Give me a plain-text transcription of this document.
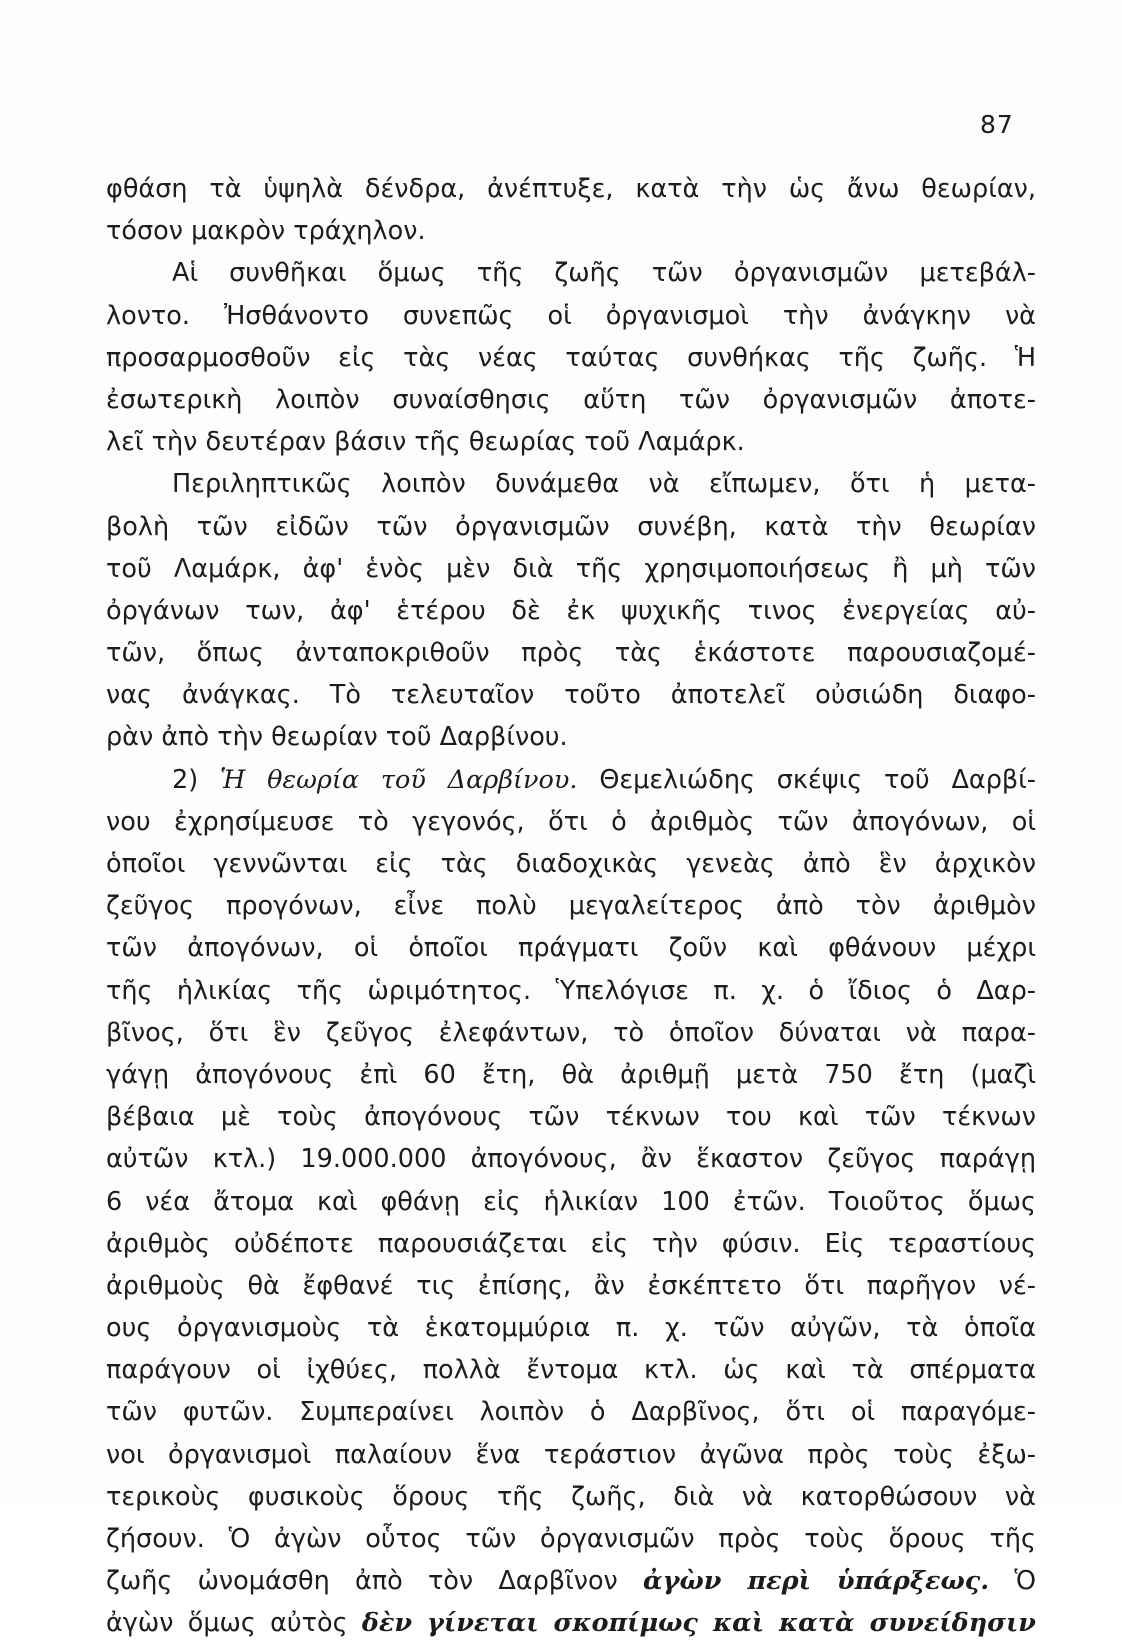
87
φθάση τὰ ὑψηλὰ δένδρα, ἀνέπτυξε, κατὰ τὴν ὡς ἄνω θεωρίαν,
τόσον μακρὸν τράχηλον.
Αἱ συνθῆκαι ὅμως τῆς ζωῆς τῶν ὀργανισμῶν μετεβάλ-
λοντο. Ἠσθάνοντο συνεπῶς οἱ ὀργανισμοὶ τὴν ἀνάγκην νὰ
προσαρμοσθοῦν εἰς τὰς νέας ταύτας συνθήκας τῆς ζωῆς. Ἡ
ἐσωτερικὴ λοιπὸν συναίσθησις αὕτη τῶν ὀργανισμῶν ἀποτε-
λεῖ τὴν δευτέραν βάσιν τῆς θεωρίας τοῦ Λαμάρκ.
Περιληπτικῶς λοιπὸν δυνάμεθα νὰ εἴπωμεν, ὅτι ἡ μετα-
βολὴ τῶν εἰδῶν τῶν ὀργανισμῶν συνέβη, κατὰ τὴν θεωρίαν
τοῦ Λαμάρκ, ἀφ' ἑνὸς μὲν διὰ τῆς χρησιμοποιήσεως ἢ μὴ τῶν
ὀργάνων των, ἀφ' ἑτέρου δὲ ἐκ ψυχικῆς τινος ἐνεργείας αὐ-
τῶν, ὅπως ἀνταποκριθοῦν πρὸς τὰς ἑκάστοτε παρουσιαζομέ-
νας ἀνάγκας. Τὸ τελευταῖον τοῦτο ἀποτελεῖ οὐσιώδη διαφο-
ρὰν ἀπὸ τὴν θεωρίαν τοῦ Δαρβίνου.
2) Ἡ θεωρία τοῦ Δαρβίνου. Θεμελιώδης σκέψις τοῦ Δαρβί-
νου ἐχρησίμευσε τὸ γεγονός, ὅτι ὁ ἀριθμὸς τῶν ἀπογόνων, οἱ
ὁποῖοι γεννῶνται εἰς τὰς διαδοχικὰς γενεὰς ἀπὸ ἓν ἀρχικὸν
ζεῦγος προγόνων, εἶνε πολὺ μεγαλείτερος ἀπὸ τὸν ἀριθμὸν
τῶν ἀπογόνων, οἱ ὁποῖοι πράγματι ζοῦν καὶ φθάνουν μέχρι
τῆς ἡλικίας τῆς ὡριμότητος. Ὑπελόγισε π. χ. ὁ ἴδιος ὁ Δαρ-
βῖνος, ὅτι ἓν ζεῦγος ἐλεφάντων, τὸ ὁποῖον δύναται νὰ παρα-
γάγῃ ἀπογόνους ἐπὶ 60 ἔτη, θὰ ἀριθμῇ μετὰ 750 ἔτη (μαζὶ
βέβαια μὲ τοὺς ἀπογόνους τῶν τέκνων του καὶ τῶν τέκνων
αὐτῶν κτλ.) 19.000.000 ἀπογόνους, ἂν ἕκαστον ζεῦγος παράγῃ
6 νέα ἄτομα καὶ φθάνῃ εἰς ἡλικίαν 100 ἐτῶν. Τοιοῦτος ὅμως
ἀριθμὸς οὐδέποτε παρουσιάζεται εἰς τὴν φύσιν. Εἰς τεραστίους
ἀριθμοὺς θὰ ἔφθανέ τις ἐπίσης, ἂν ἐσκέπτετο ὅτι παρῆγον νέ-
ους ὀργανισμοὺς τὰ ἑκατομμύρια π. χ. τῶν αὐγῶν, τὰ ὁποῖα
παράγουν οἱ ἰχθύες, πολλὰ ἔντομα κτλ. ὡς καὶ τὰ σπέρματα
τῶν φυτῶν. Συμπεραίνει λοιπὸν ὁ Δαρβῖνος, ὅτι οἱ παραγόμε-
νοι ὀργανισμοὶ παλαίουν ἕνα τεράστιον ἀγῶνα πρὸς τοὺς ἐξω-
τερικοὺς φυσικοὺς ὅρους τῆς ζωῆς, διὰ νὰ κατορθώσουν νὰ
ζήσουν. Ὁ ἀγὼν οὗτος τῶν ὀργανισμῶν πρὸς τοὺς ὅρους τῆς
ζωῆς ὠνομάσθη ἀπὸ τὸν Δαρβῖνον ἀγὼν περὶ ὑπάρξεως. Ὁ
ἀγὼν ὅμως αὐτὸς δὲν γίνεται σκοπίμως καὶ κατὰ συνείδησιν
